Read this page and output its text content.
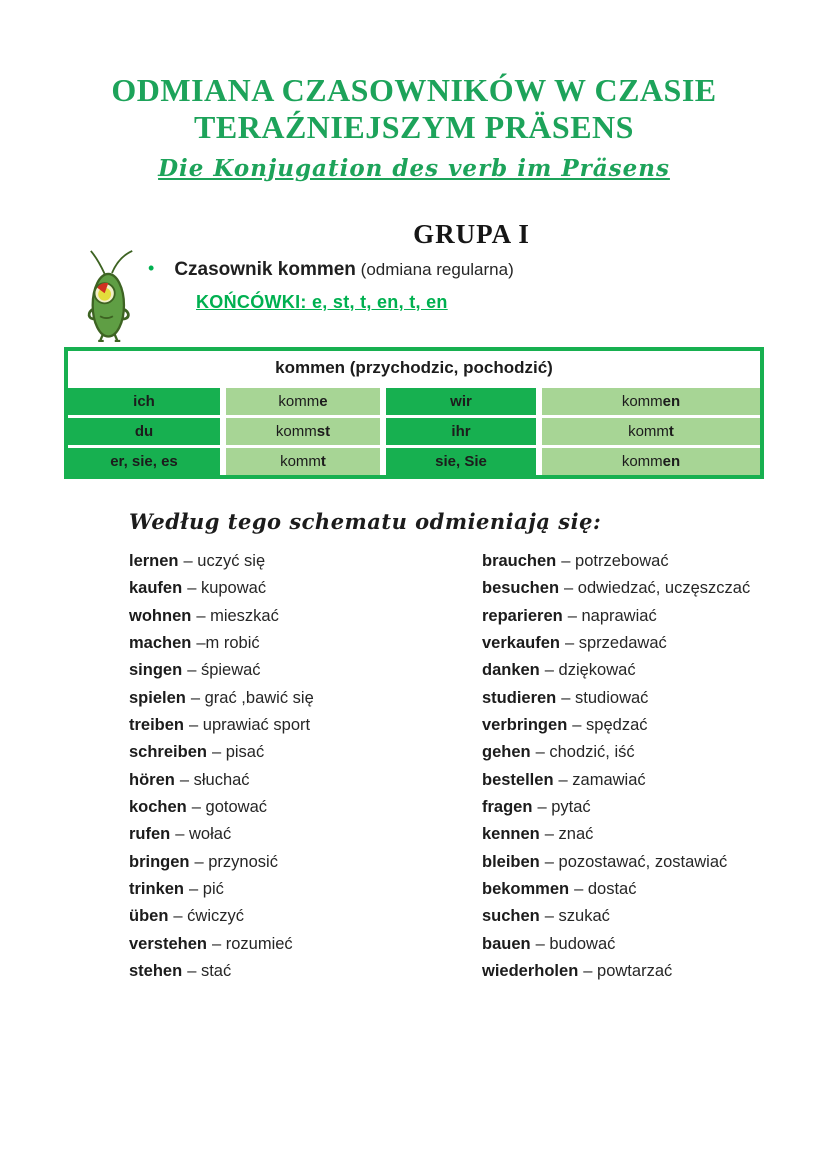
ODMIANA CZASOWNIKÓW W CZASIE
TERAŹNIEJSZYM PRÄSENS
Die Konjugation des verb im Präsens
GRUPA I
• Czasownik kommen (odmiana regularna)
KOŃCÓWKI: e, st, t, en, t, en
kommen (przychodzic, pochodzić)
ich	komme	wir	kommen
du	kommst	ihr	kommt
er, sie, es	kommt	sie, Sie	kommen
Według tego schematu odmieniają się:
lernen – uczyć się
kaufen – kupować
wohnen – mieszkać
machen –m robić
singen – śpiewać
spielen – grać ,bawić się
treiben – uprawiać sport
schreiben – pisać
hören – słuchać
kochen – gotować
rufen – wołać
bringen – przynosić
trinken – pić
üben – ćwiczyć
verstehen – rozumieć
stehen – stać
brauchen – potrzebować
besuchen – odwiedzać, uczęszczać
reparieren – naprawiać
verkaufen – sprzedawać
danken – dziękować
studieren – studiować
verbringen – spędzać
gehen – chodzić, iść
bestellen – zamawiać
fragen – pytać
kennen – znać
bleiben – pozostawać, zostawiać
bekommen – dostać
suchen – szukać
bauen – budować
wiederholen – powtarzać
